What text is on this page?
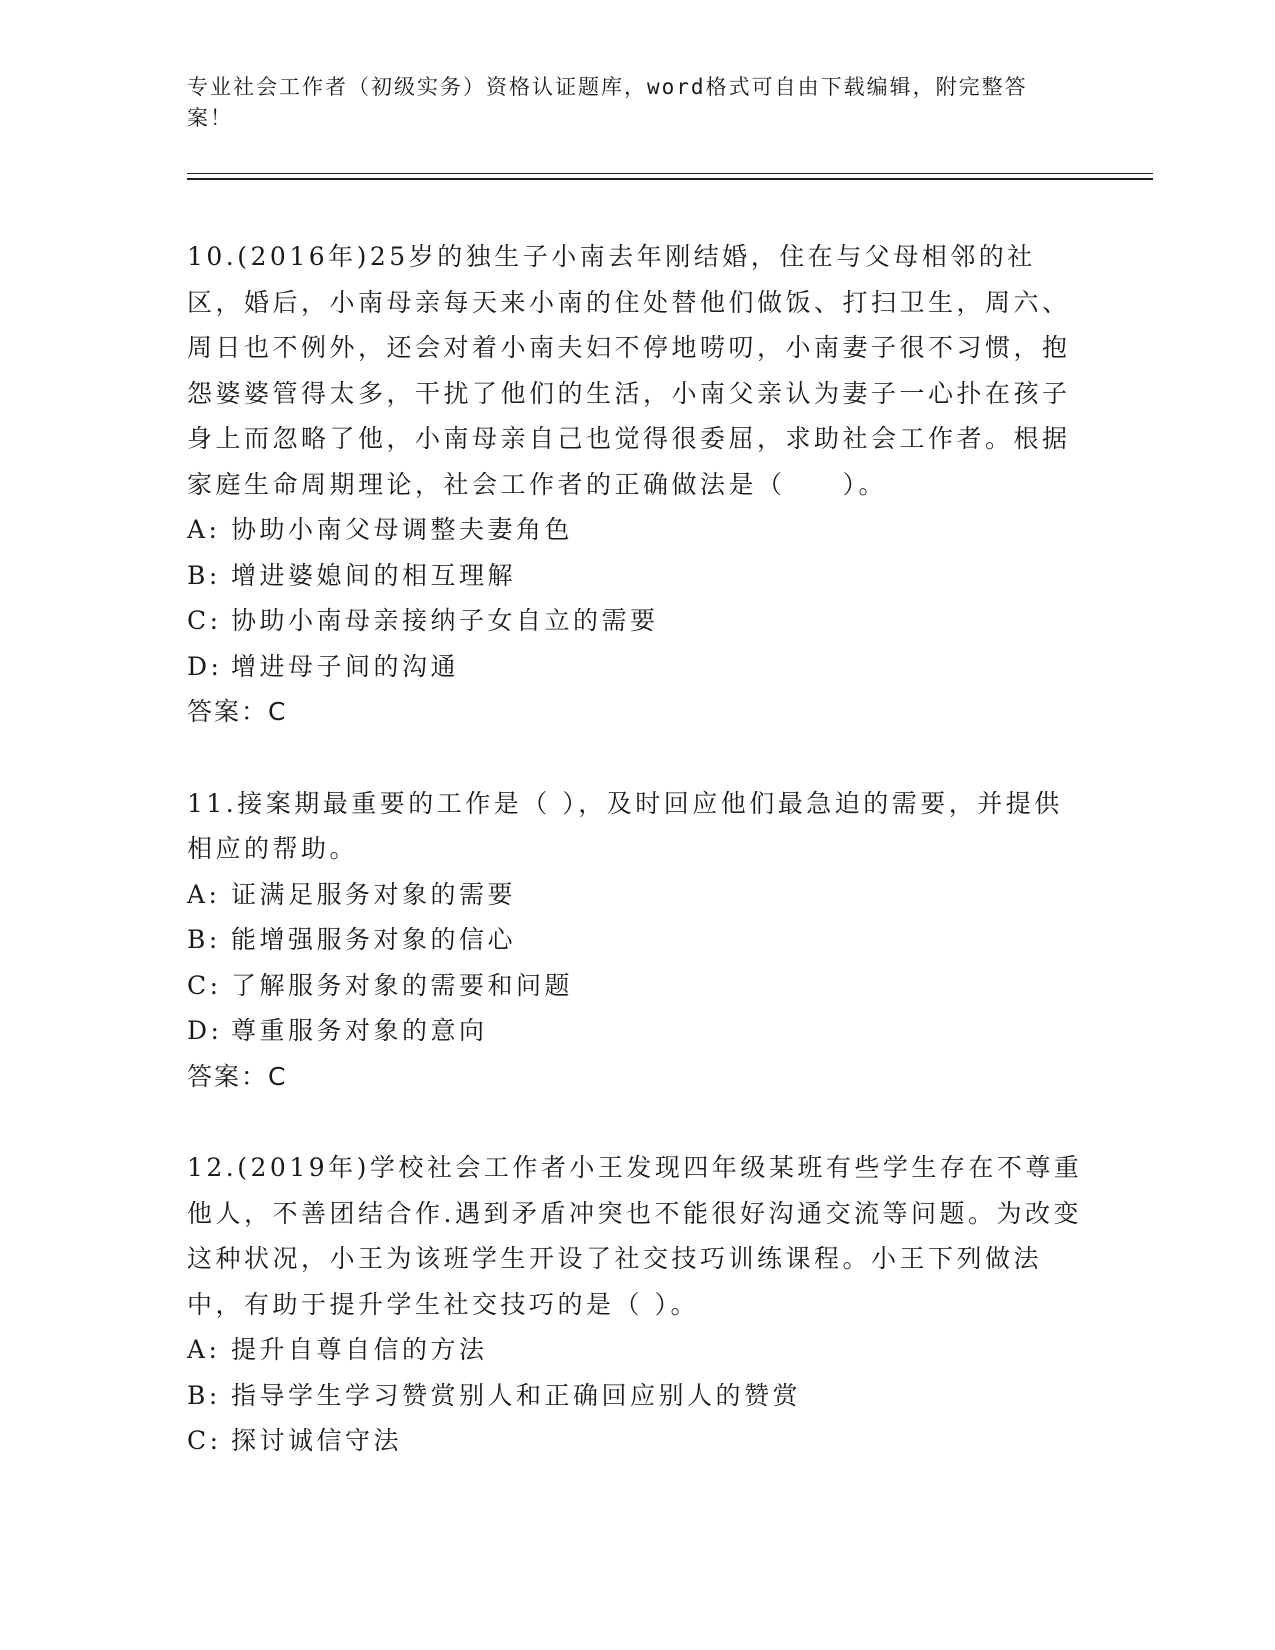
专业社会工作者（初级实务）资格认证题库，word格式可自由下载编辑，附完整答案！

10.(2016年)25岁的独生子小南去年刚结婚，住在与父母相邻的社区，婚后，小南母亲每天来小南的住处替他们做饭、打扫卫生，周六、周日也不例外，还会对着小南夫妇不停地唠叨，小南妻子很不习惯，抱怨婆婆管得太多，干扰了他们的生活，小南父亲认为妻子一心扑在孩子身上而忽略了他，小南母亲自己也觉得很委屈，求助社会工作者。根据家庭生命周期理论，社会工作者的正确做法是（　　）。

A: 协助小南父母调整夫妻角色

B: 增进婆媳间的相互理解

C: 协助小南母亲接纳子女自立的需要

D: 增进母子间的沟通

答案：C

11.接案期最重要的工作是（ ），及时回应他们最急迫的需要，并提供相应的帮助。

A: 证满足服务对象的需要

B: 能增强服务对象的信心

C: 了解服务对象的需要和问题

D: 尊重服务对象的意向

答案：C

12.(2019年)学校社会工作者小王发现四年级某班有些学生存在不尊重他人，不善团结合作.遇到矛盾冲突也不能很好沟通交流等问题。为改变这种状况，小王为该班学生开设了社交技巧训练课程。小王下列做法中，有助于提升学生社交技巧的是（ ）。

A: 提升自尊自信的方法

B: 指导学生学习赞赏别人和正确回应别人的赞赏

C: 探讨诚信守法
